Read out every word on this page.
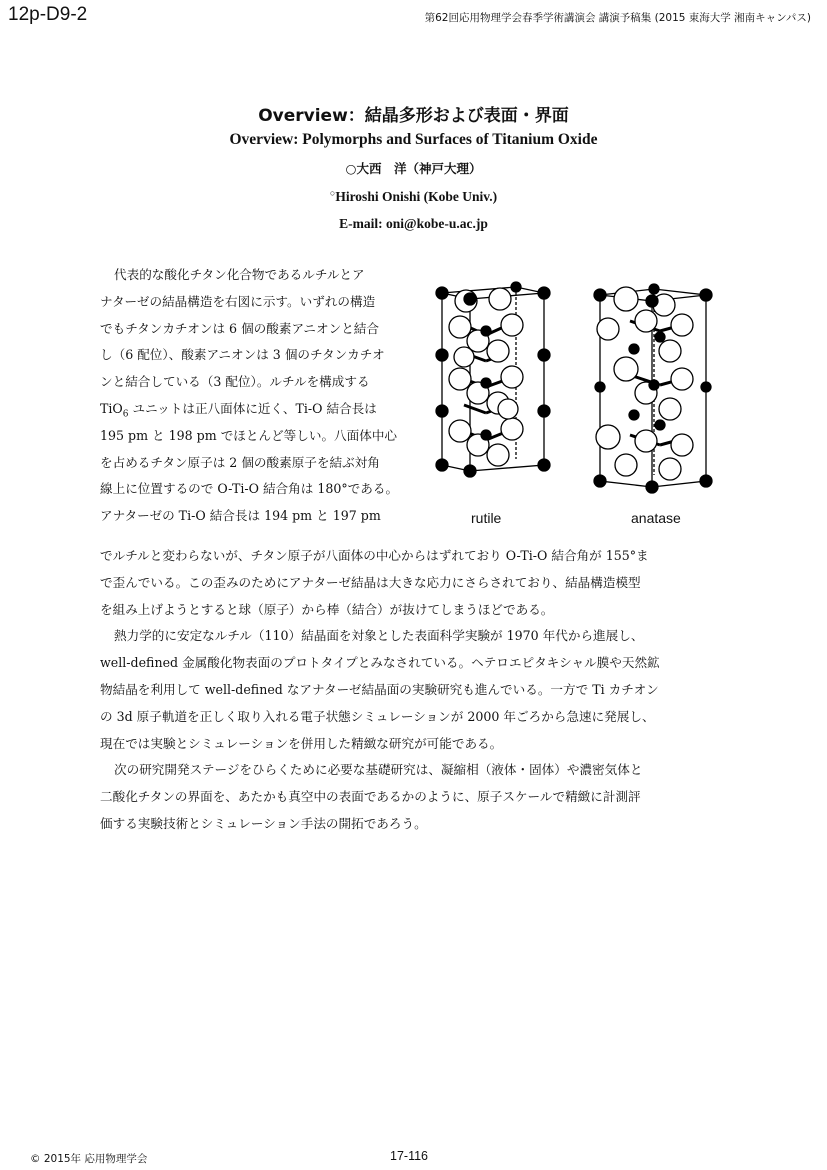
12p-D9-2	第62回応用物理学会春季学術講演会 講演予稿集 (2015 東海大学 湘南キャンパス)
Overview：結晶多形および表面・界面
Overview: Polymorphs and Surfaces of Titanium Oxide
○大西　洋（神戸大理）
○Hiroshi Onishi (Kobe Univ.)
E-mail: oni@kobe-u.ac.jp
代表的な酸化チタン化合物であるルチルとア
ナターゼの結晶構造を右図に示す。いずれの構造
でもチタンカチオンは 6 個の酸素アニオンと結合
し（6 配位）、酸素アニオンは 3 個のチタンカチオ
ンと結合している（3 配位）。ルチルを構成する
TiO$_6$ ユニットは正八面体に近く、Ti-O 結合長は
195 pm と 198 pm でほとんど等しい。八面体中心
を占めるチタン原子は 2 個の酸素原子を結ぶ対角
線上に位置するので O-Ti-O 結合角は 180°である。
アナターゼの Ti-O 結合長は 194 pm と 197 pm	rutile	anatase
でルチルと変わらないが、チタン原子が八面体の中心からはずれており O-Ti-O 結合角が 155°ま
で歪んでいる。この歪みのためにアナターゼ結晶は大きな応力にさらされており、結晶構造模型
を組み上げようとすると球（原子）から棒（結合）が抜けてしまうほどである。
熱力学的に安定なルチル（110）結晶面を対象とした表面科学実験が 1970 年代から進展し、
well-defined 金属酸化物表面のプロトタイプとみなされている。ヘテロエピタキシャル膜や天然鉱
物結晶を利用して well-defined なアナターゼ結晶面の実験研究も進んでいる。一方で Ti カチオン
の 3d 原子軌道を正しく取り入れる電子状態シミュレーションが 2000 年ごろから急速に発展し、
現在では実験とシミュレーションを併用した精緻な研究が可能である。
次の研究開発ステージをひらくために必要な基礎研究は、凝縮相（液体・固体）や濃密気体と
二酸化チタンの界面を、あたかも真空中の表面であるかのように、原子スケールで精緻に計測評
価する実験技術とシミュレーション手法の開拓であろう。
© 2015年 応用物理学会	17-116
